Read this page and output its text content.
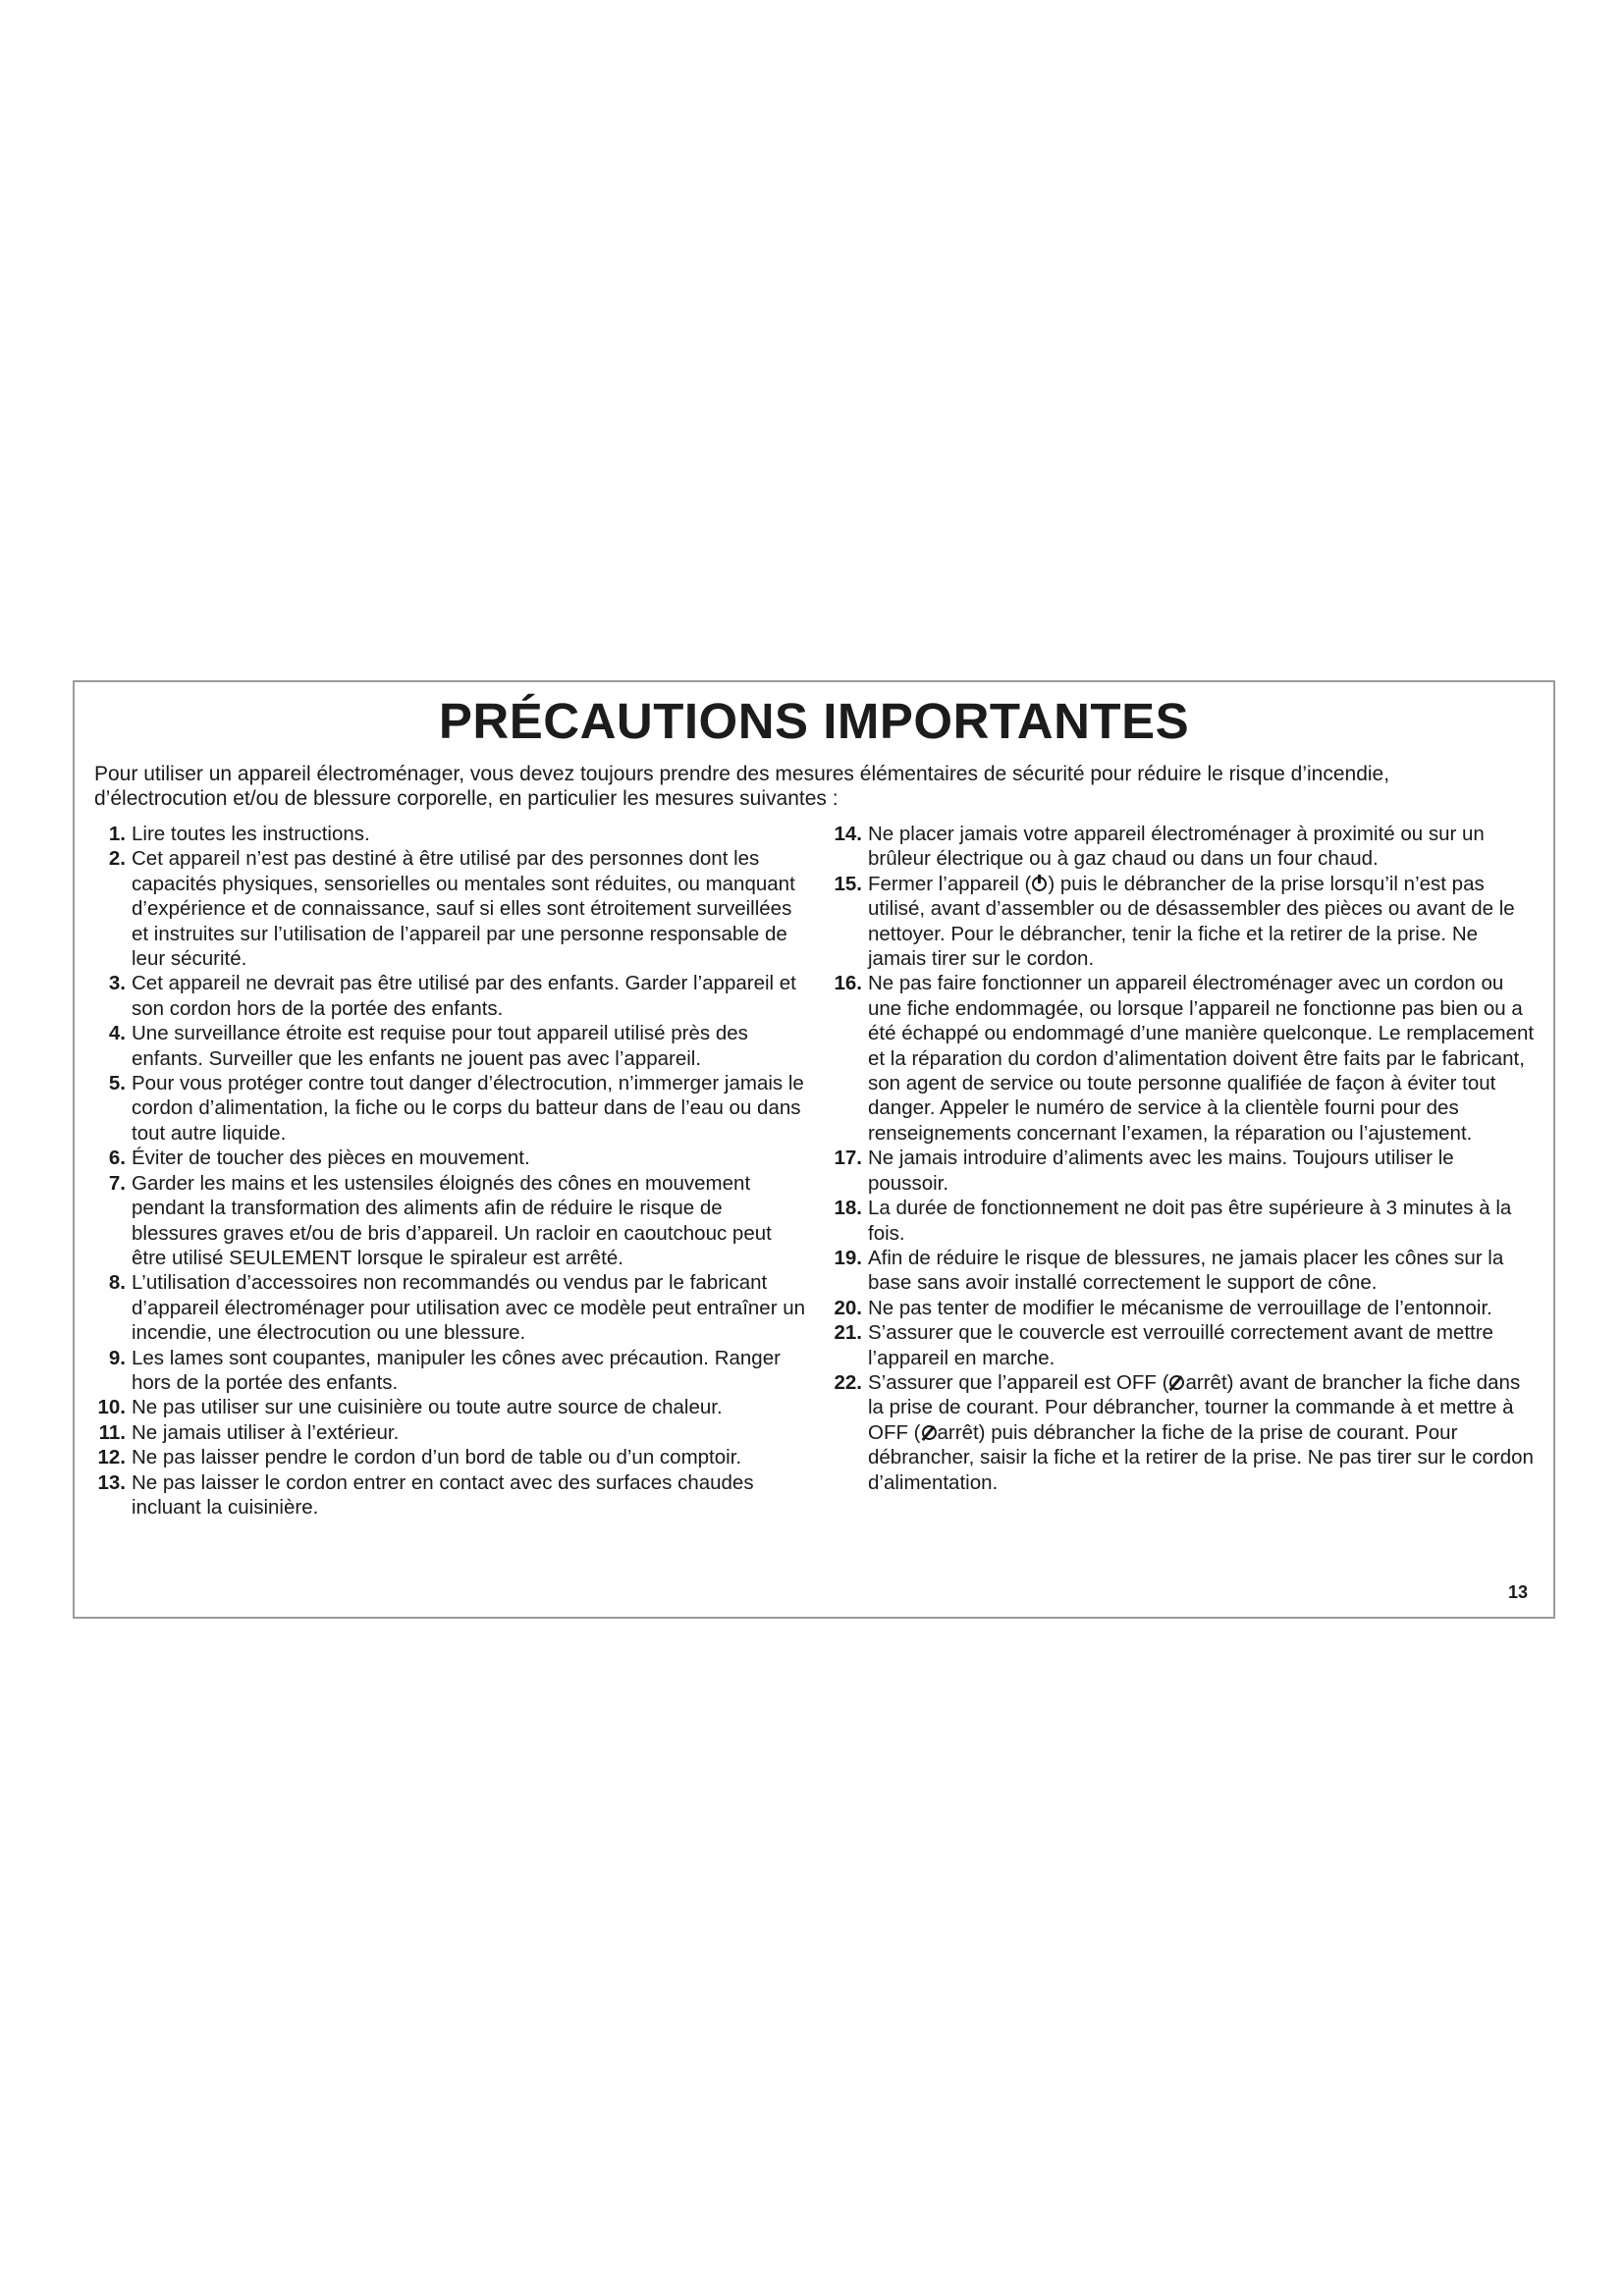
PRÉCAUTIONS IMPORTANTES

Pour utiliser un appareil électroménager, vous devez toujours prendre des mesures élémentaires de sécurité pour réduire le risque d’incendie, d’électrocution et/ou de blessure corporelle, en particulier les mesures suivantes :

1. Lire toutes les instructions.
2. Cet appareil n’est pas destiné à être utilisé par des personnes dont les capacités physiques, sensorielles ou mentales sont réduites, ou manquant d’expérience et de connaissance, sauf si elles sont étroitement surveillées et instruites sur l’utilisation de l’appareil par une personne responsable de leur sécurité.
3. Cet appareil ne devrait pas être utilisé par des enfants. Garder l’appareil et son cordon hors de la portée des enfants.
4. Une surveillance étroite est requise pour tout appareil utilisé près des enfants. Surveiller que les enfants ne jouent pas avec l’appareil.
5. Pour vous protéger contre tout danger d’électrocution, n’immerger jamais le cordon d’alimentation, la fiche ou le corps du batteur dans de l’eau ou dans tout autre liquide.
6. Éviter de toucher des pièces en mouvement.
7. Garder les mains et les ustensiles éloignés des cônes en mouvement pendant la transformation des aliments afin de réduire le risque de blessures graves et/ou de bris d’appareil. Un racloir en caoutchouc peut être utilisé SEULEMENT lorsque le spiraleur est arrêté.
8. L’utilisation d’accessoires non recommandés ou vendus par le fabricant d’appareil électroménager pour utilisation avec ce modèle peut entraîner un incendie, une électrocution ou une blessure.
9. Les lames sont coupantes, manipuler les cônes avec précaution. Ranger hors de la portée des enfants.
10. Ne pas utiliser sur une cuisinière ou toute autre source de chaleur.
11. Ne jamais utiliser à l’extérieur.
12. Ne pas laisser pendre le cordon d’un bord de table ou d’un comptoir.
13. Ne pas laisser le cordon entrer en contact avec des surfaces chaudes incluant la cuisinière.
14. Ne placer jamais votre appareil électroménager à proximité ou sur un brûleur électrique ou à gaz chaud ou dans un four chaud.
15. Fermer l’appareil ( ) puis le débrancher de la prise lorsqu’il n’est pas utilisé, avant d’assembler ou de désassembler des pièces ou avant de le nettoyer. Pour le débrancher, tenir la fiche et la retirer de la prise. Ne jamais tirer sur le cordon.
16. Ne pas faire fonctionner un appareil électroménager avec un cordon ou une fiche endommagée, ou lorsque l’appareil ne fonctionne pas bien ou a été échappé ou endommagé d’une manière quelconque. Le remplacement et la réparation du cordon d’alimentation doivent être faits par le fabricant, son agent de service ou toute personne qualifiée de façon à éviter tout danger. Appeler le numéro de service à la clientèle fourni pour des renseignements concernant l’examen, la réparation ou l’ajustement.
17. Ne jamais introduire d’aliments avec les mains. Toujours utiliser le poussoir.
18. La durée de fonctionnement ne doit pas être supérieure à 3 minutes à la fois.
19. Afin de réduire le risque de blessures, ne jamais placer les cônes sur la base sans avoir installé correctement le support de cône.
20. Ne pas tenter de modifier le mécanisme de verrouillage de l’entonnoir.
21. S’assurer que le couvercle est verrouillé correctement avant de mettre l’appareil en marche.
22. S’assurer que l’appareil est OFF ( arrêt) avant de brancher la fiche dans la prise de courant. Pour débrancher, tourner la commande à et mettre à OFF ( arrêt) puis débrancher la fiche de la prise de courant. Pour débrancher, saisir la fiche et la retirer de la prise. Ne pas tirer sur le cordon d’alimentation.

13
